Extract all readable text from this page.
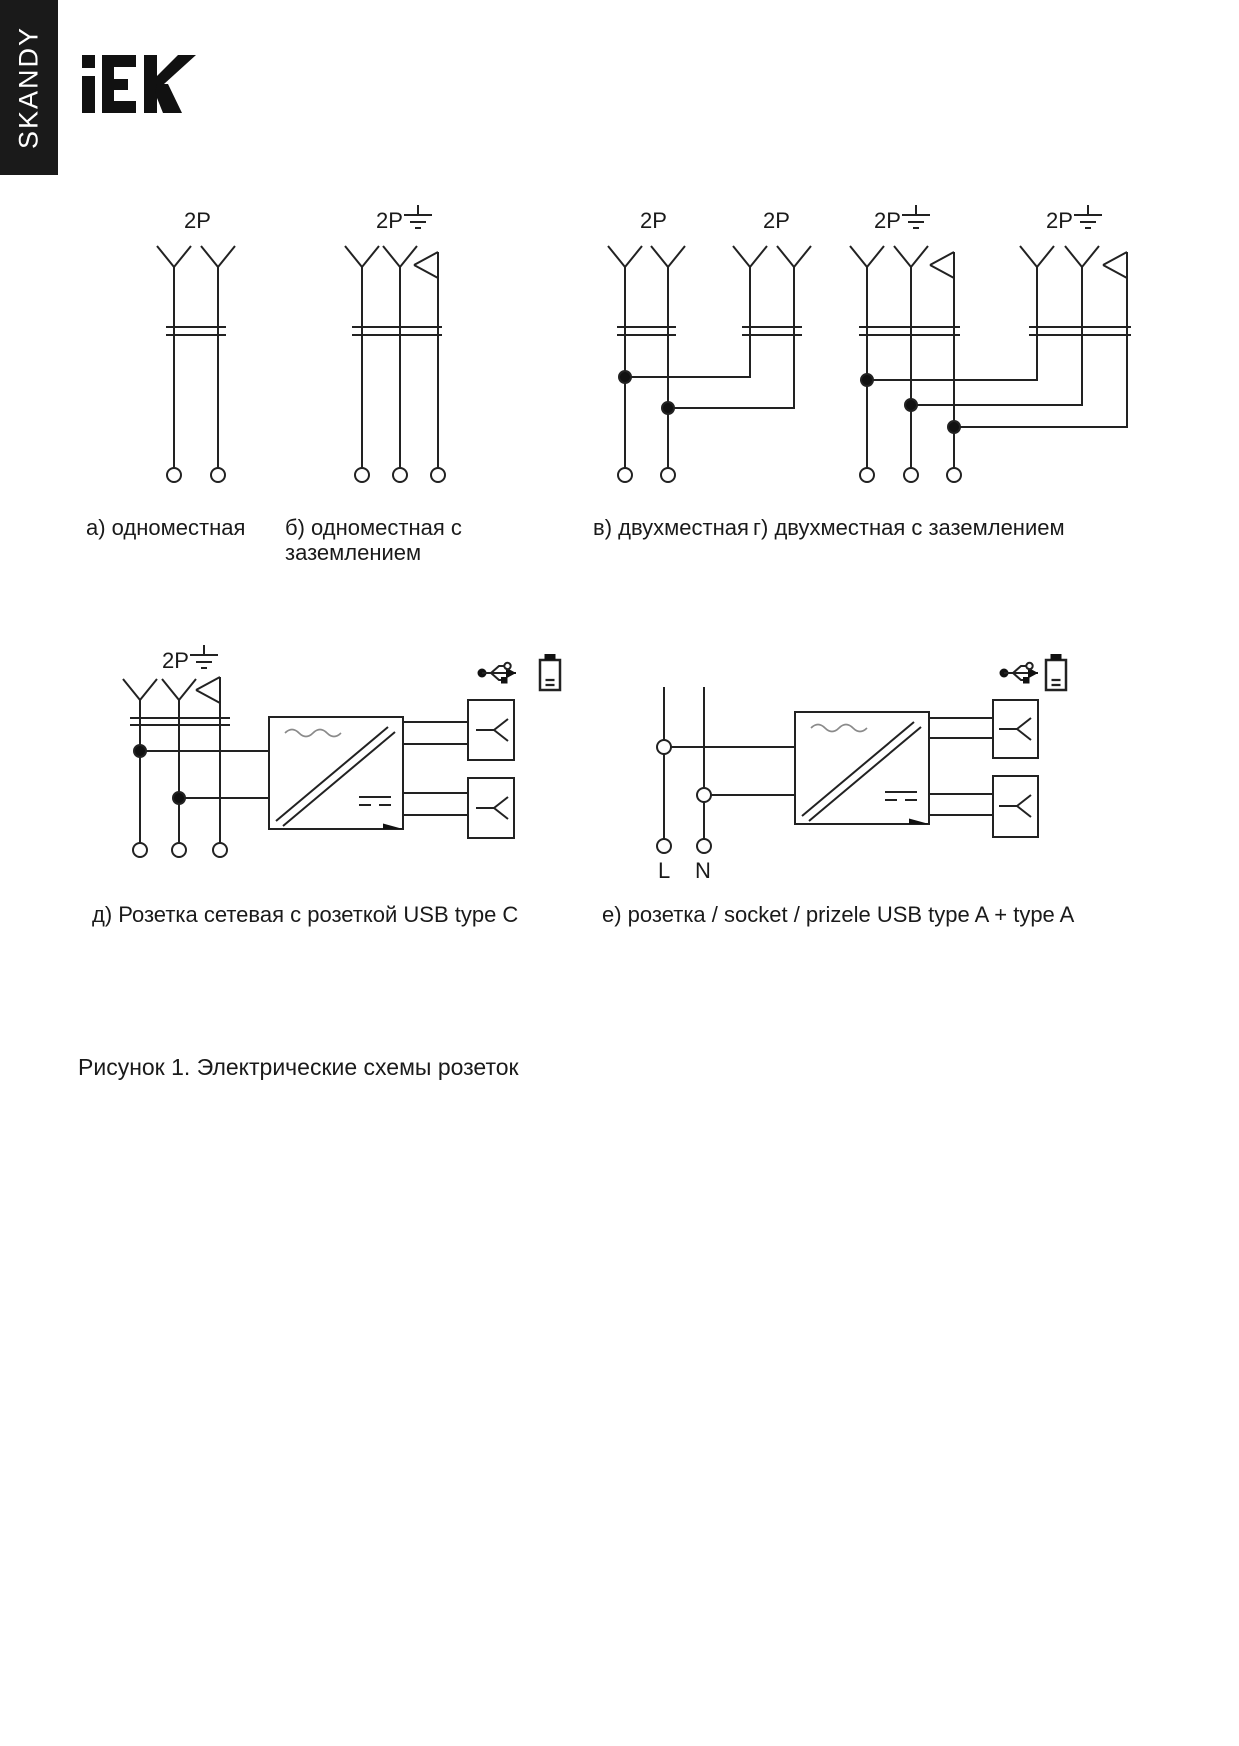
SKANDY
2P	2P	2P	2P	2P	2P
2P
а) одноместная б) одноместная с
заземлением
в) двухместная г) двухместная с заземлением
д) Розетка сетевая с розеткой USB type C	е) розетка / socket / prizele USB type A + type A
L N
Рисунок 1. Электрические схемы розеток
